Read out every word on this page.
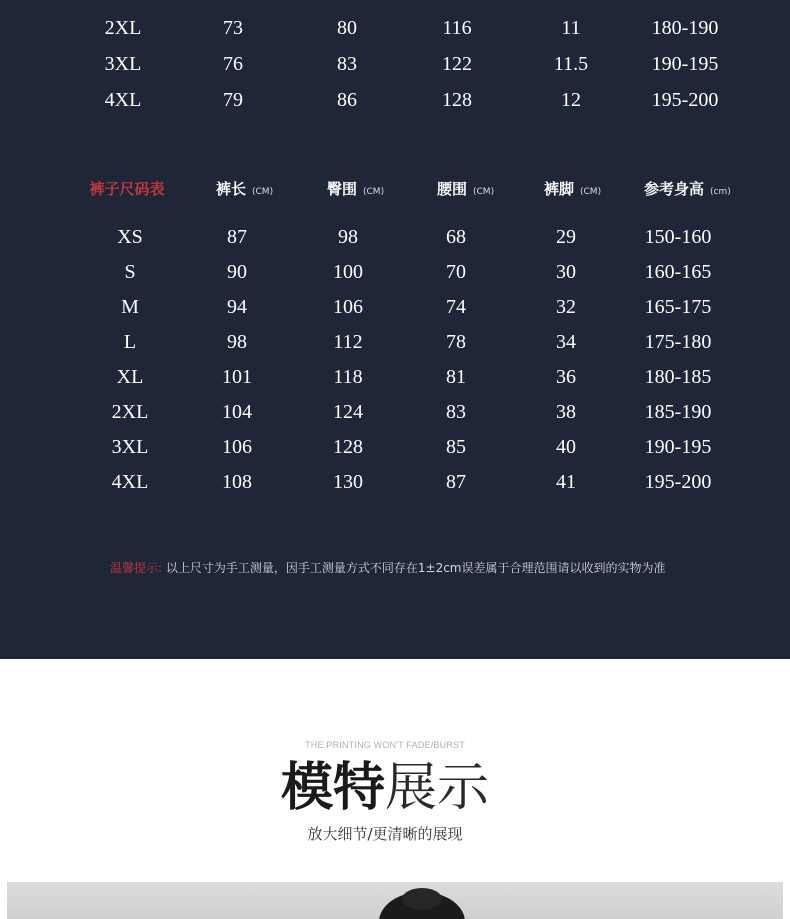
2XL	73	80	116	11	180-190
3XL	76	83	122	11.5	190-195
4XL	79	86	128	12	195-200
裤子尺码表	裤长 (CM)	臀围 (CM)	腰围 (CM)	裤脚 (CM)	参考身高 (cm)
XS	87	98	68	29	150-160
S	90	100	70	30	160-165
M	94	106	74	32	165-175
L	98	112	78	34	175-180
XL	101	118	81	36	180-185
2XL	104	124	83	38	185-190
3XL	106	128	85	40	190-195
4XL	108	130	87	41	195-200
温馨提示: 以上尺寸为手工测量，因手工测量方式不同存在1±2cm误差属于合理范围请以收到的实物为准
THE PRINTING WON'T FADE/BURST
模特展示
放大细节/更清晰的展现
